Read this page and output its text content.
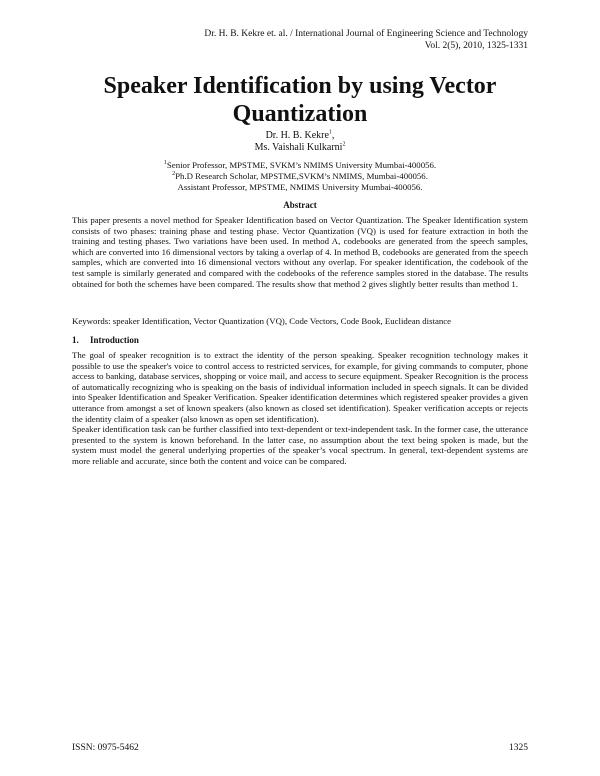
Dr. H. B. Kekre et. al. / International Journal of Engineering Science and Technology
Vol. 2(5), 2010, 1325-1331
Speaker Identification by using Vector
Quantization
Dr. H. B. Kekre$^1$,
Ms. Vaishali Kulkarni$^2$
$^1$Senior Professor, MPSTME, SVKM’s NMIMS University Mumbai-400056.
$^2$Ph.D Research Scholar, MPSTME,SVKM’s NMIMS, Mumbai-400056.
Assistant Professor, MPSTME, NMIMS University Mumbai-400056.
Abstract
This paper presents a novel method for Speaker Identification based on Vector Quantization. The Speaker Identification system consists of two phases: training phase and testing phase. Vector Quantization (VQ) is used for feature extraction in both the training and testing phases. Two variations have been used. In method A, codebooks are generated from the speech samples, which are converted into 16 dimensional vectors by taking a overlap of 4. In method B, codebooks are generated from the speech samples, which are converted into 16 dimensional vectors without any overlap. For speaker identification, the codebook of the test sample is similarly generated and compared with the codebooks of the reference samples stored in the database. The results obtained for both the schemes have been compared. The results show that method 2 gives slightly better results than method 1.
Keywords: speaker Identification, Vector Quantization (VQ), Code Vectors, Code Book, Euclidean distance
1. Introduction

The goal of speaker recognition is to extract the identity of the person speaking. Speaker recognition technology makes it possible to use the speaker's voice to control access to restricted services, for example, for giving commands to computer, phone access to banking, database services, shopping or voice mail, and access to secure equipment. Speaker Recognition is the process of automatically recognizing who is speaking on the basis of individual information included in speech signals. It can be divided into Speaker Identification and Speaker Verification. Speaker identification determines which registered speaker provides a given utterance from amongst a set of known speakers (also known as closed set identification). Speaker verification accepts or rejects the identity claim of a speaker (also known as open set identification).

Speaker identification task can be further classified into text-dependent or text-independent task. In the former case, the utterance presented to the system is known beforehand. In the latter case, no assumption about the text being spoken is made, but the system must model the general underlying properties of the speaker’s vocal spectrum. In general, text-dependent systems are more reliable and accurate, since both the content and voice can be compared.

ISSN: 0975-5462	1325
